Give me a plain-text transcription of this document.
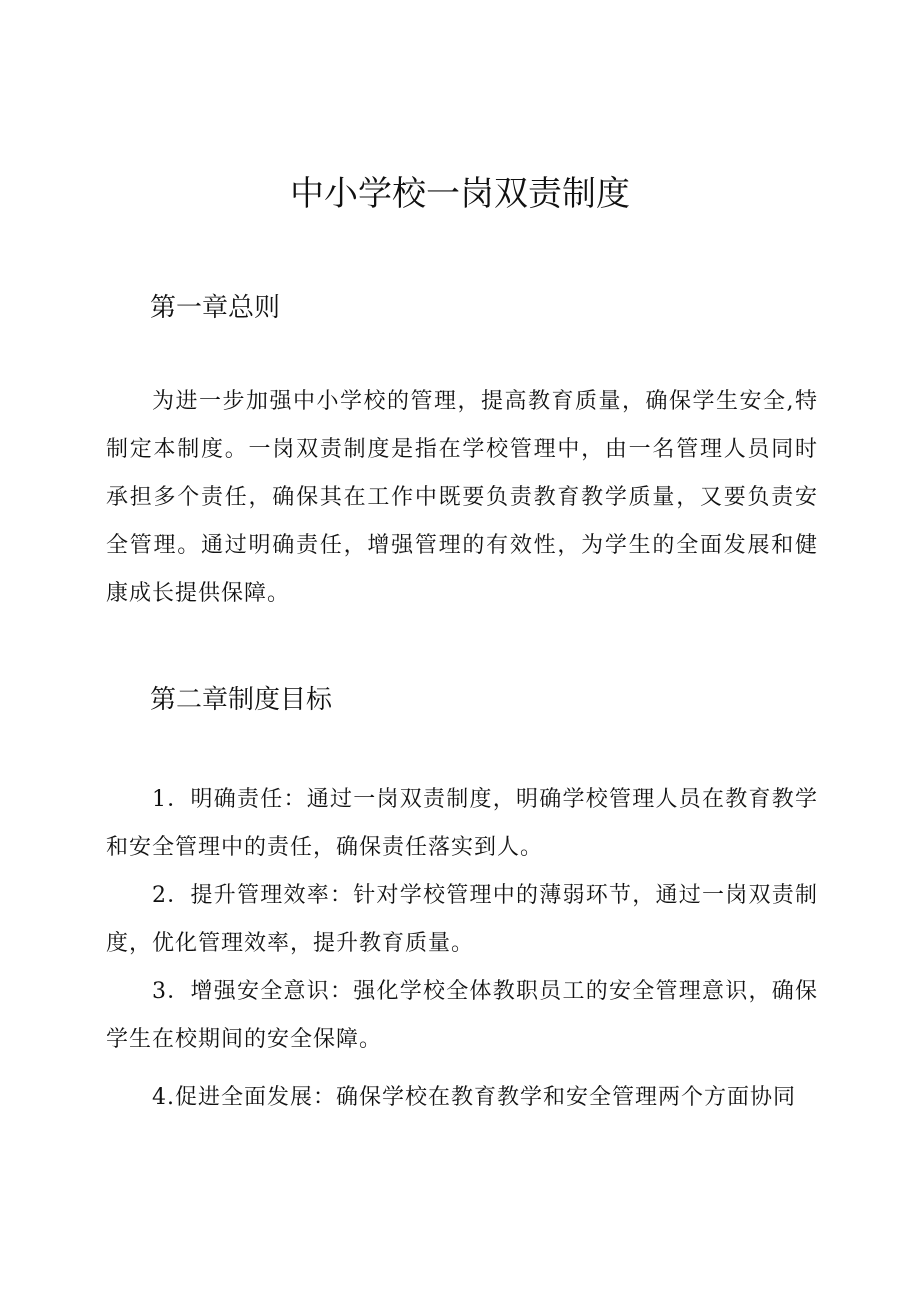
中小学校一岗双责制度
第一章总则
为进一步加强中小学校的管理，提高教育质量，确保学生安全,特制定本制度。一岗双责制度是指在学校管理中，由一名管理人员同时承担多个责任，确保其在工作中既要负责教育教学质量，又要负责安全管理。通过明确责任，增强管理的有效性，为学生的全面发展和健康成长提供保障。
第二章制度目标
1．明确责任：通过一岗双责制度，明确学校管理人员在教育教学和安全管理中的责任，确保责任落实到人。
2．提升管理效率：针对学校管理中的薄弱环节，通过一岗双责制度，优化管理效率，提升教育质量。
3．增强安全意识：强化学校全体教职员工的安全管理意识，确保学生在校期间的安全保障。
4.促进全面发展：确保学校在教育教学和安全管理两个方面协同
